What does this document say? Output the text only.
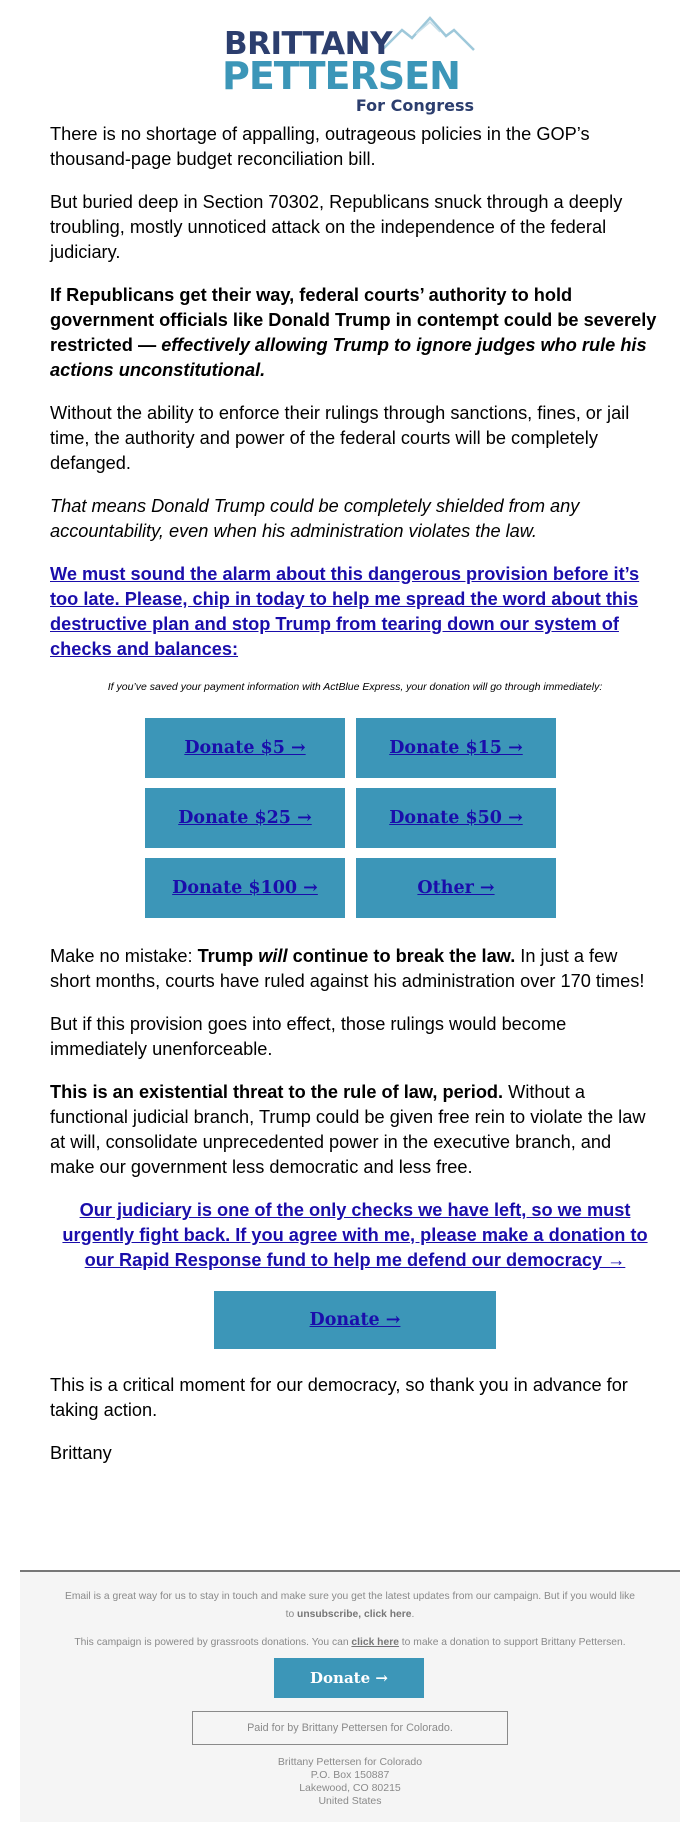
BRITTANY
PETTERSEN
For Congress

There is no shortage of appalling, outrageous policies in the GOP’s thousand-page budget reconciliation bill.

But buried deep in Section 70302, Republicans snuck through a deeply troubling, mostly unnoticed attack on the independence of the federal judiciary.

If Republicans get their way, federal courts’ authority to hold government officials like Donald Trump in contempt could be severely restricted — effectively allowing Trump to ignore judges who rule his actions unconstitutional.

Without the ability to enforce their rulings through sanctions, fines, or jail time, the authority and power of the federal courts will be completely defanged.

That means Donald Trump could be completely shielded from any accountability, even when his administration violates the law.

We must sound the alarm about this dangerous provision before it’s too late. Please, chip in today to help me spread the word about this destructive plan and stop Trump from tearing down our system of checks and balances:

If you’ve saved your payment information with ActBlue Express, your donation will go through immediately:
Donate $5 →	Donate $15 →
Donate $25 →	Donate $50 →
Donate $100 →	Other →

Make no mistake: Trump will continue to break the law. In just a few short months, courts have ruled against his administration over 170 times!

But if this provision goes into effect, those rulings would become immediately unenforceable.

This is an existential threat to the rule of law, period. Without a functional judicial branch, Trump could be given free rein to violate the law at will, consolidate unprecedented power in the executive branch, and make our government less democratic and less free.

Our judiciary is one of the only checks we have left, so we must urgently fight back. If you agree with me, please make a donation to our Rapid Response fund to help me defend our democracy →

Donate →

This is a critical moment for our democracy, so thank you in advance for taking action.

Brittany

Email is a great way for us to stay in touch and make sure you get the latest updates from our campaign. But if you would like to unsubscribe, click here.
This campaign is powered by grassroots donations. You can click here to make a donation to support Brittany Pettersen.
Donate →
Paid for by Brittany Pettersen for Colorado.
Brittany Pettersen for Colorado
P.O. Box 150887
Lakewood, CO 80215
United States
